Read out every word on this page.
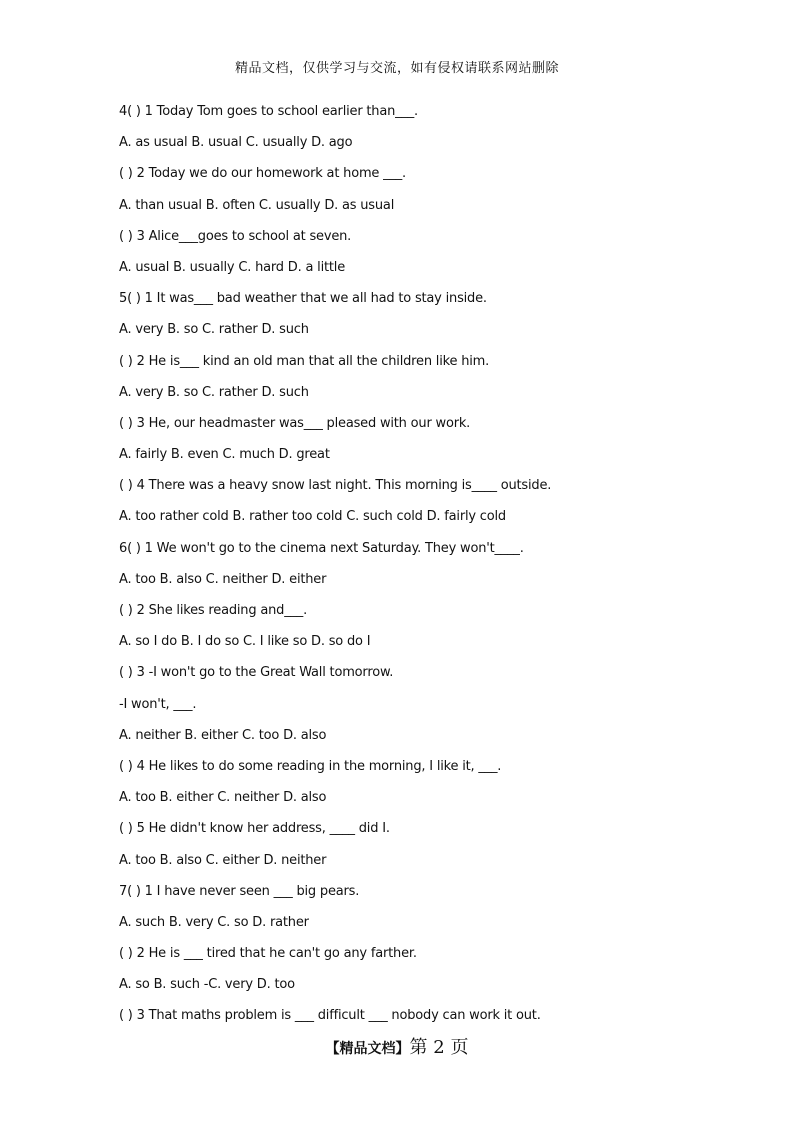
精品文档，仅供学习与交流，如有侵权请联系网站删除
4( ) 1 Today Tom goes to school earlier than___.
A. as usual B. usual C. usually D. ago
( ) 2 Today we do our homework at home ___.
A. than usual B. often C. usually D. as usual
( ) 3 Alice___goes to school at seven.
A. usual B. usually C. hard D. a little
5( ) 1 It was___ bad weather that we all had to stay inside.
A. very B. so C. rather D. such
( ) 2 He is___ kind an old man that all the children like him.
A. very B. so C. rather D. such
( ) 3 He, our headmaster was___ pleased with our work.
A. fairly B. even C. much D. great
( ) 4 There was a heavy snow last night. This morning is____ outside.
A. too rather cold B. rather too cold C. such cold D. fairly cold
6( ) 1 We won't go to the cinema next Saturday. They won't____.
A. too B. also C. neither D. either
( ) 2 She likes reading and___.
A. so I do B. I do so C. I like so D. so do I
( ) 3 -I won't go to the Great Wall tomorrow.
-I won't, ___.
A. neither B. either C. too D. also
( ) 4 He likes to do some reading in the morning, I like it, ___.
A. too B. either C. neither D. also
( ) 5 He didn't know her address, ____ did I.
A. too B. also C. either D. neither
7( ) 1 I have never seen ___ big pears.
A. such B. very C. so D. rather
( ) 2 He is ___ tired that he can't go any farther.
A. so B. such -C. very D. too
( ) 3 That maths problem is ___ difficult ___ nobody can work it out.
【精品文档】第 2 页
